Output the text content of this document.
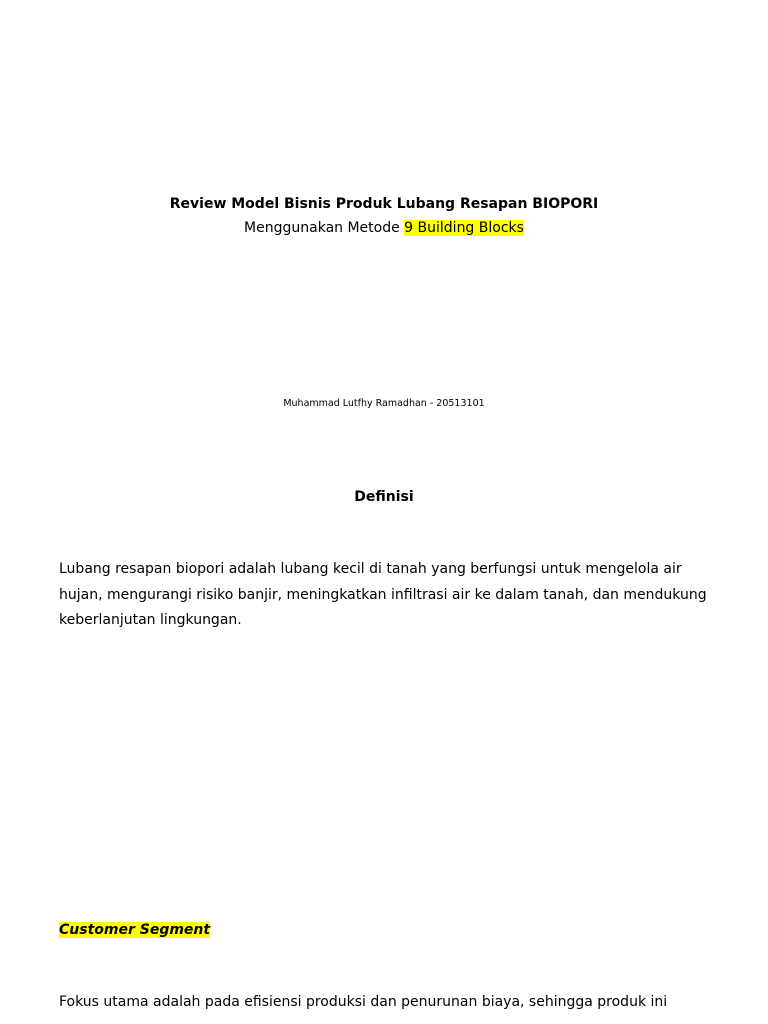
Review Model Bisnis Produk Lubang Resapan BIOPORI

Menggunakan Metode 9 Building Blocks

Muhammad Lutfhy Ramadhan - 20513101

Definisi

Lubang resapan biopori adalah lubang kecil di tanah yang berfungsi untuk mengelola air hujan, mengurangi risiko banjir, meningkatkan infiltrasi air ke dalam tanah, dan mendukung keberlanjutan lingkungan.

Customer Segment

Fokus utama adalah pada efisiensi produksi dan penurunan biaya, sehingga produk ini
